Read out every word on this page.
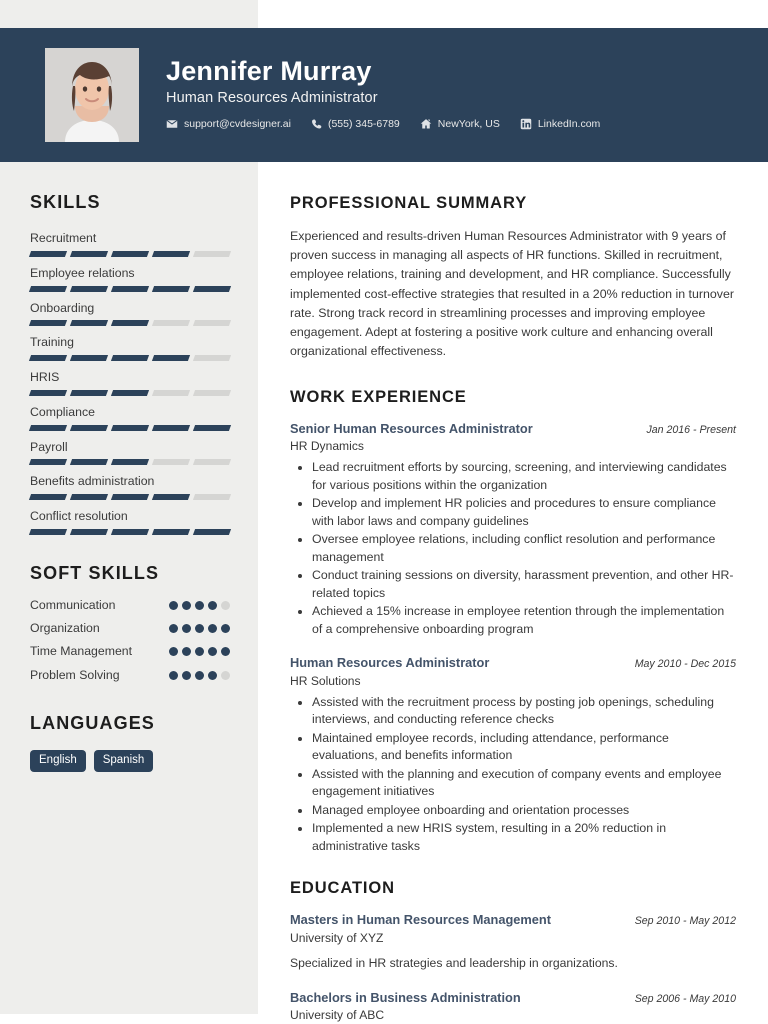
Jennifer Murray
Human Resources Administrator
support@cvdesigner.ai	(555) 345-6789	NewYork, US	LinkedIn.com
SKILLS
Recruitment
Employee relations
Onboarding
Training
HRIS
Compliance
Payroll
Benefits administration
Conflict resolution
SOFT SKILLS
Communication
Organization
Time Management
Problem Solving
LANGUAGES
English	Spanish
PROFESSIONAL SUMMARY
Experienced and results-driven Human Resources Administrator with 9 years of proven success in managing all aspects of HR functions. Skilled in recruitment, employee relations, training and development, and HR compliance. Successfully implemented cost-effective strategies that resulted in a 20% reduction in turnover rate. Strong track record in streamlining processes and improving employee engagement. Adept at fostering a positive work culture and enhancing overall organizational effectiveness.
WORK EXPERIENCE
Senior Human Resources Administrator	Jan 2016 - Present
HR Dynamics
• Lead recruitment efforts by sourcing, screening, and interviewing candidates for various positions within the organization
• Develop and implement HR policies and procedures to ensure compliance with labor laws and company guidelines
• Oversee employee relations, including conflict resolution and performance management
• Conduct training sessions on diversity, harassment prevention, and other HR-related topics
• Achieved a 15% increase in employee retention through the implementation of a comprehensive onboarding program
Human Resources Administrator	May 2010 - Dec 2015
HR Solutions
• Assisted with the recruitment process by posting job openings, scheduling interviews, and conducting reference checks
• Maintained employee records, including attendance, performance evaluations, and benefits information
• Assisted with the planning and execution of company events and employee engagement initiatives
• Managed employee onboarding and orientation processes
• Implemented a new HRIS system, resulting in a 20% reduction in administrative tasks
EDUCATION
Masters in Human Resources Management	Sep 2010 - May 2012
University of XYZ
Specialized in HR strategies and leadership in organizations.
Bachelors in Business Administration	Sep 2006 - May 2010
University of ABC
